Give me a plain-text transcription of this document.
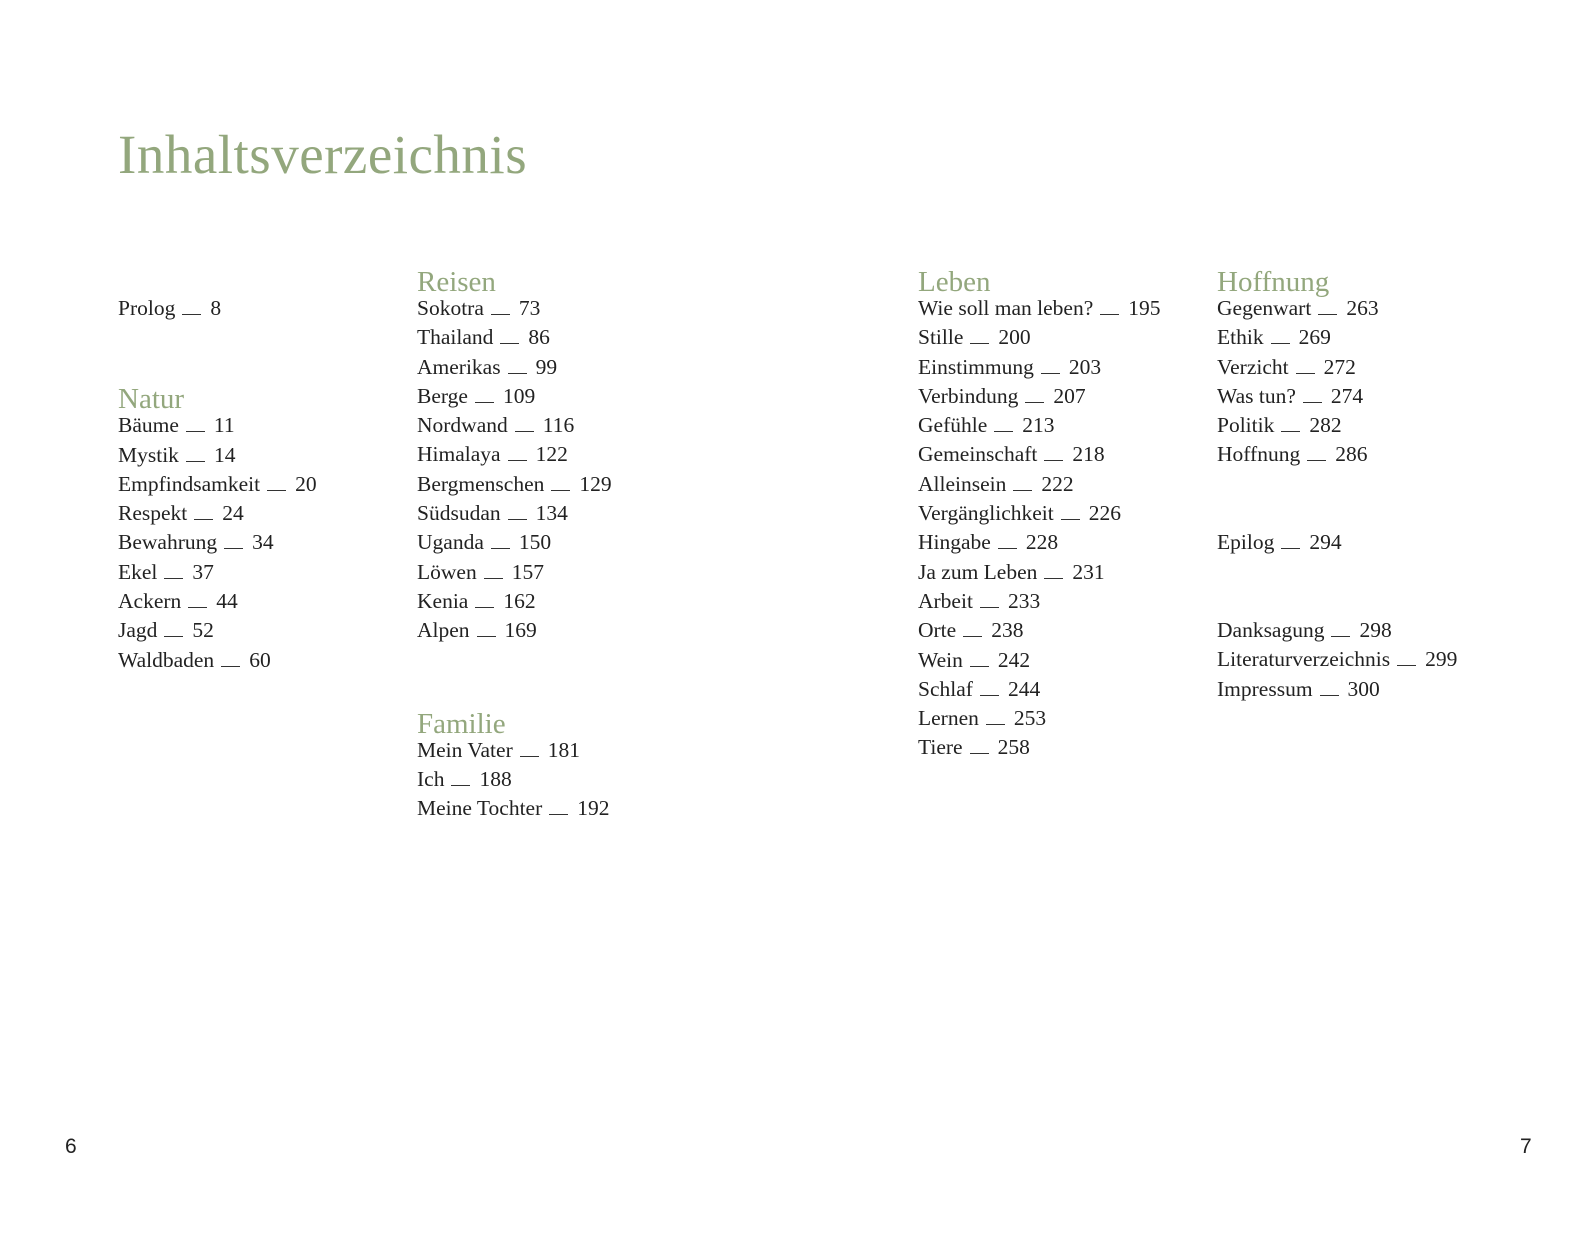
Inhaltsverzeichnis
Prolog 8
Natur
Bäume 11
Mystik 14
Empfindsamkeit 20
Respekt 24
Bewahrung 34
Ekel 37
Ackern 44
Jagd 52
Waldbaden 60
Reisen
Sokotra 73
Thailand 86
Amerikas 99
Berge 109
Nordwand 116
Himalaya 122
Bergmenschen 129
Südsudan 134
Uganda 150
Löwen 157
Kenia 162
Alpen 169
Familie
Mein Vater 181
Ich 188
Meine Tochter 192
Leben
Wie soll man leben? 195
Stille 200
Einstimmung 203
Verbindung 207
Gefühle 213
Gemeinschaft 218
Alleinsein 222
Vergänglichkeit 226
Hingabe 228
Ja zum Leben 231
Arbeit 233
Orte 238
Wein 242
Schlaf 244
Lernen 253
Tiere 258
Hoffnung
Gegenwart 263
Ethik 269
Verzicht 272
Was tun? 274
Politik 282
Hoffnung 286
Epilog 294
Danksagung 298
Literaturverzeichnis 299
Impressum 300
6	7
